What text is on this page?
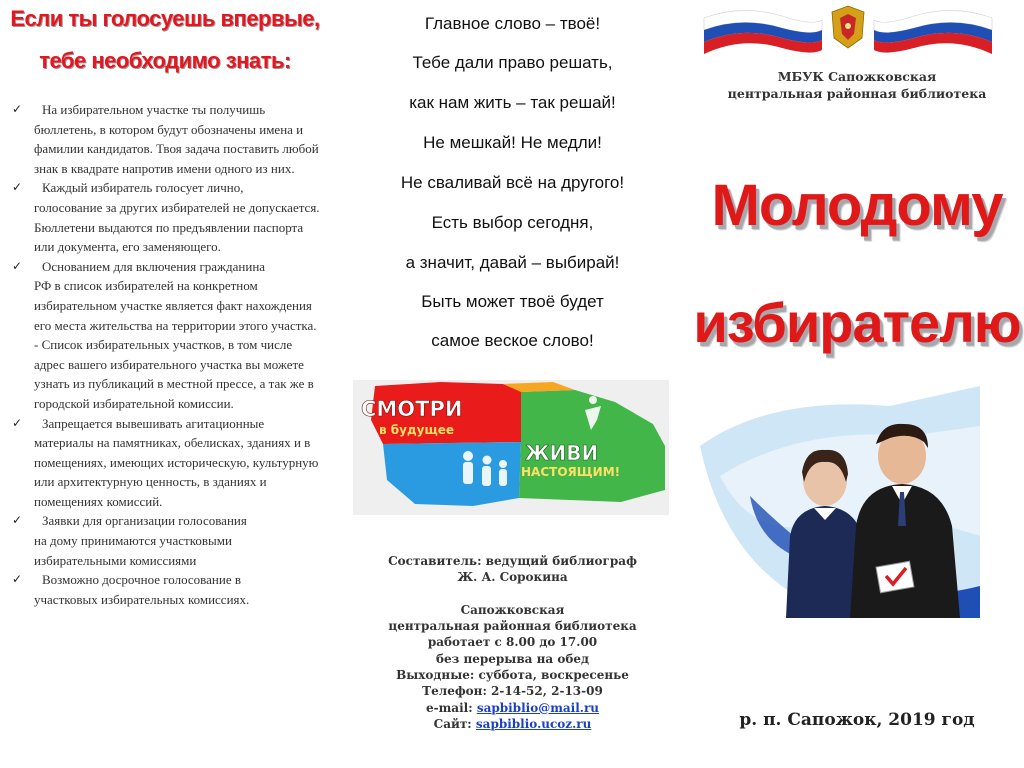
Если ты голосуешь впервые,
тебе необходимо знать:
✓	На избирательном участке ты получишь
бюллетень, в котором будут обозначены имена и фамилии кандидатов. Твоя задача поставить любой знак в квадрате напротив имени одного из них.
✓	Каждый избиратель голосует лично,
голосование за других избирателей не допускается. Бюллетени выдаются по предъявлении паспорта или документа, его заменяющего.
✓	Основанием для включения гражданина
РФ в список избирателей на конкретном избирательном участке является факт нахождения его места жительства на территории этого участка. - Список избирательных участков, в том числе адрес вашего избирательного участка вы можете узнать из публикаций в местной прессе, а так же в городской избирательной комиссии.
✓	Запрещается вывешивать агитационные
материалы на памятниках, обелисках, зданиях и в помещениях, имеющих историческую, культурную или архитектурную ценность, в зданиях и помещениях комиссий.
✓	Заявки для организации голосования
на дому принимаются участковыми избирательными комиссиями
✓	Возможно досрочное голосование в
участковых избирательных комиссиях.
Главное слово – твоё!
Тебе дали право решать,
как нам жить – так решай!
Не мешкай! Не медли!
Не сваливай всё на другого!
Есть выбор сегодня,
а значит, давай – выбирай!
Быть может твоё будет
самое веское слово!
СМОТРИ
в будущее
ЖИВИ
НАСТОЯЩИМ!
Составитель: ведущий библиограф
Ж. А. Сорокина

Сапожковская
центральная районная библиотека
работает с 8.00 до 17.00
без перерыва на обед
Выходные: суббота, воскресенье
Телефон: 2-14-52, 2-13-09
e-mail: sapbiblio@mail.ru
Сайт: sapbiblio.ucoz.ru
МБУК Сапожковская
центральная районная библиотека
Молодому
избирателю
р. п. Сапожок, 2019 год
